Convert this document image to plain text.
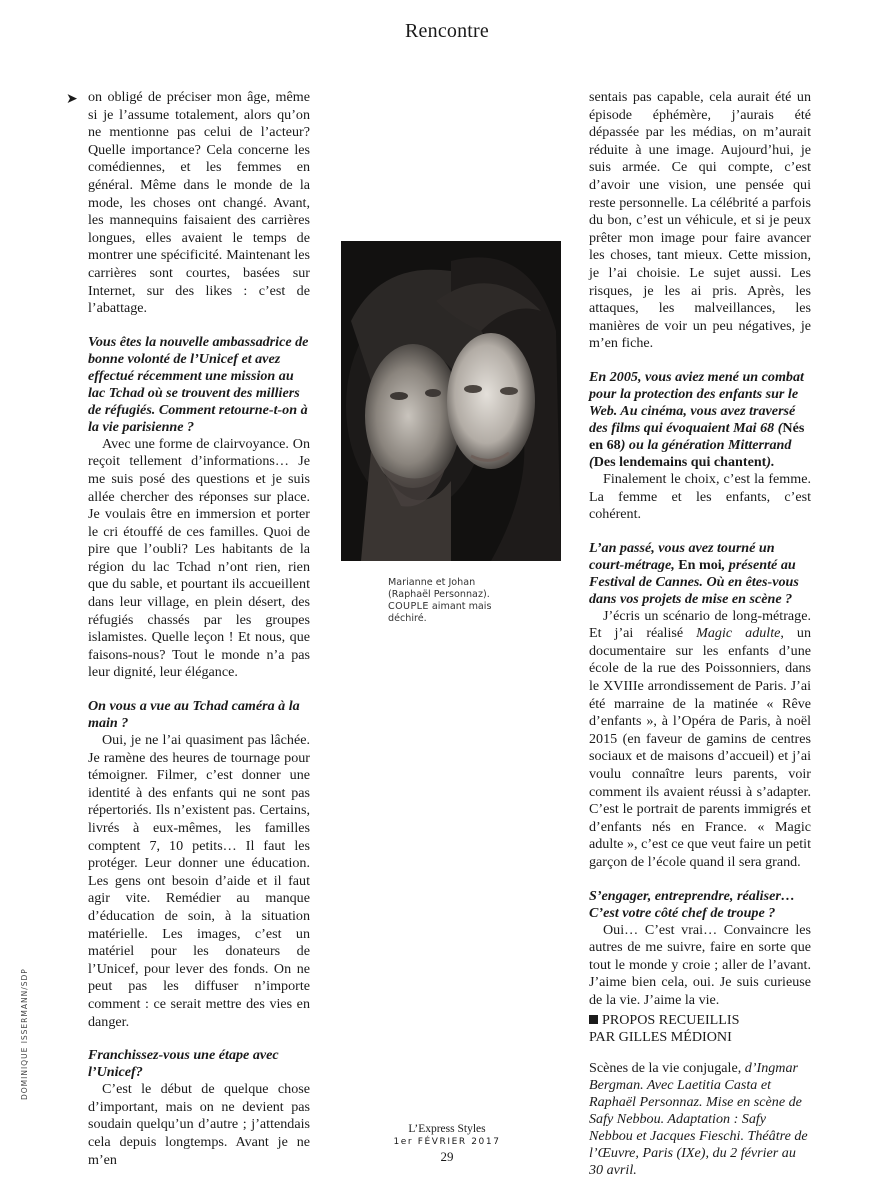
Rencontre
➤ on obligé de préciser mon âge, même si je l’assume totalement, alors qu’on ne mentionne pas celui de l’acteur? Quelle importance? Cela concerne les comédiennes, et les femmes en général. Même dans le monde de la mode, les choses ont changé. Avant, les mannequins faisaient des carrières longues, elles avaient le temps de montrer une spécificité. Maintenant les carrières sont courtes, basées sur Internet, sur des likes : c’est de l’abattage.

Vous êtes la nouvelle ambassadrice de bonne volonté de l’Unicef et avez effectué récemment une mission au lac Tchad où se trouvent des milliers de réfugiés. Comment retourne-t-on à la vie parisienne ?

Avec une forme de clairvoyance. On reçoit tellement d’informations… Je me suis posé des questions et je suis allée chercher des réponses sur place. Je voulais être en immersion et porter le cri étouffé de ces familles. Quoi de pire que l’oubli? Les habitants de la région du lac Tchad n’ont rien, rien que du sable, et pourtant ils accueillent dans leur village, en plein désert, des réfugiés chassés par les groupes islamistes. Quelle leçon ! Et nous, que faisons-nous? Tout le monde n’a pas leur dignité, leur élégance.

On vous a vue au Tchad caméra à la main ?

Oui, je ne l’ai quasiment pas lâchée. Je ramène des heures de tournage pour témoigner. Filmer, c’est donner une identité à des enfants qui ne sont pas répertoriés. Ils n’existent pas. Certains, livrés à eux-mêmes, les familles comptent 7, 10 petits… Il faut les protéger. Leur donner une éducation. Les gens ont besoin d’aide et il faut agir vite. Remédier au manque d’éducation de soin, à la situation matérielle. Les images, c’est un matériel pour les donateurs de l’Unicef, pour lever des fonds. On ne peut pas les diffuser n’importe comment : ce serait mettre des vies en danger.

Franchissez-vous une étape avec l’Unicef?

C’est le début de quelque chose d’important, mais on ne devient pas soudain quelqu’un d’autre ; j’attendais cela depuis longtemps. Avant je ne m’en

Marianne et Johan (Raphaël Personnaz). COUPLE aimant mais déchiré.
DOMINIQUE ISSERMANN/SDP

sentais pas capable, cela aurait été un épisode éphémère, j’aurais été dépassée par les médias, on m’aurait réduite à une image. Aujourd’hui, je suis armée. Ce qui compte, c’est d’avoir une vision, une pensée qui reste personnelle. La célébrité a parfois du bon, c’est un véhicule, et si je peux prêter mon image pour faire avancer les choses, tant mieux. Cette mission, je l’ai choisie. Le sujet aussi. Les risques, je les ai pris. Après, les attaques, les malveillances, les manières de voir un peu négatives, je m’en fiche.

En 2005, vous aviez mené un combat pour la protection des enfants sur le Web. Au cinéma, vous avez traversé des films qui évoquaient Mai 68 (Nés en 68) ou la génération Mitterrand (Des lendemains qui chantent).

Finalement le choix, c’est la femme. La femme et les enfants, c’est cohérent.

L’an passé, vous avez tourné un court-métrage, En moi, présenté au Festival de Cannes. Où en êtes-vous dans vos projets de mise en scène ?

J’écris un scénario de long-métrage. Et j’ai réalisé Magic adulte, un documentaire sur les enfants d’une école de la rue des Poissonniers, dans le XVIIIe arrondissement de Paris. J’ai été marraine de la matinée « Rêve d’enfants », à l’Opéra de Paris, à noël 2015 (en faveur de gamins de centres sociaux et de maisons d’accueil) et j’ai voulu connaître leurs parents, voir comment ils avaient réussi à s’adapter. C’est le portrait de parents immigrés et d’enfants nés en France. « Magic adulte », c’est ce que veut faire un petit garçon de l’école quand il sera grand.

S’engager, entreprendre, réaliser… C’est votre côté chef de troupe ?

Oui… C’est vrai… Convaincre les autres de me suivre, faire en sorte que tout le monde y croie ; aller de l’avant. J’aime bien cela, oui. Je suis curieuse de la vie. J’aime la vie.

PROPOS RECUEILLIS
PAR GILLES MÉDIONI

Scènes de la vie conjugale, d’Ingmar Bergman. Avec Laetitia Casta et Raphaël Personnaz. Mise en scène de Safy Nebbou. Adaptation : Safy Nebbou et Jacques Fieschi. Théâtre de l’Œuvre, Paris (IXe), du 2 février au 30 avril.

L’Express Styles
1er FÉVRIER 2017
29
